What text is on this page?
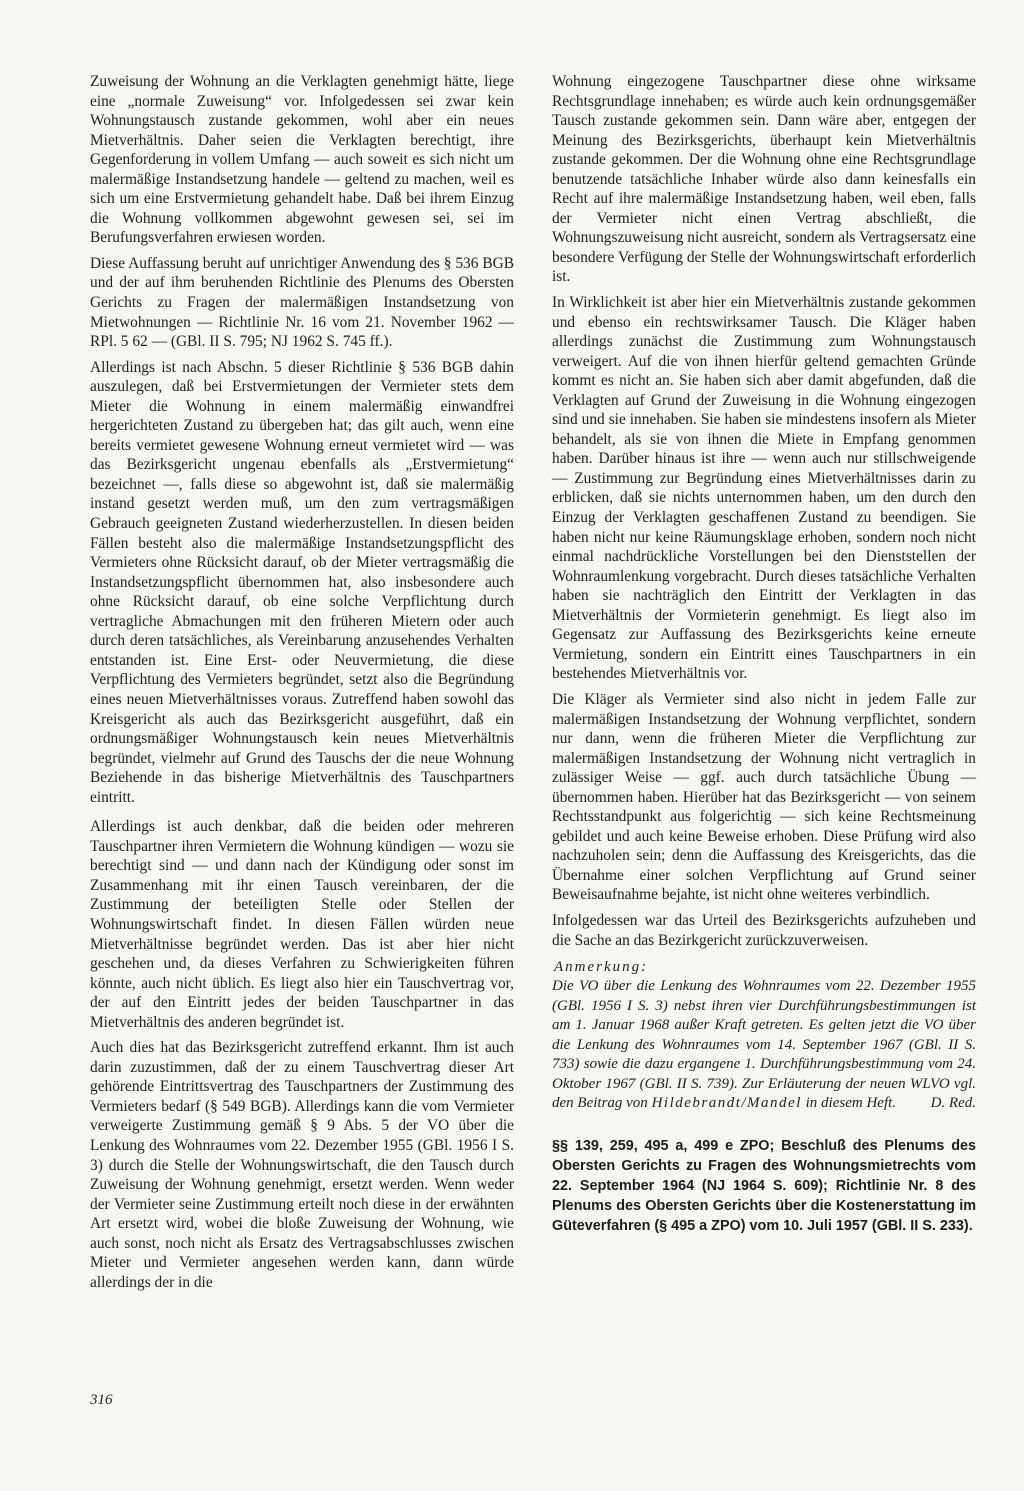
Zuweisung der Wohnung an die Verklagten genehmigt hätte, liege eine „normale Zuweisung“ vor. Infolgedessen sei zwar kein Wohnungstausch zustande gekommen, wohl aber ein neues Mietverhältnis. Daher seien die Verklagten berechtigt, ihre Gegenforderung in vollem Umfang — auch soweit es sich nicht um malermäßige Instandsetzung handele — geltend zu machen, weil es sich um eine Erstvermietung gehandelt habe. Daß bei ihrem Einzug die Wohnung vollkommen abgewohnt gewesen sei, sei im Berufungsverfahren erwiesen worden.

Diese Auffassung beruht auf unrichtiger Anwendung des § 536 BGB und der auf ihm beruhenden Richtlinie des Plenums des Obersten Gerichts zu Fragen der malermäßigen Instandsetzung von Mietwohnungen — Richtlinie Nr. 16 vom 21. November 1962 — RPl. 5 62 — (GBl. II S. 795; NJ 1962 S. 745 ff.).

Allerdings ist nach Abschn. 5 dieser Richtlinie § 536 BGB dahin auszulegen, daß bei Erstvermietungen der Vermieter stets dem Mieter die Wohnung in einem malermäßig einwandfrei hergerichteten Zustand zu übergeben hat; das gilt auch, wenn eine bereits vermietet gewesene Wohnung erneut vermietet wird — was das Bezirksgericht ungenau ebenfalls als „Erstvermietung“ bezeichnet —, falls diese so abgewohnt ist, daß sie malermäßig instand gesetzt werden muß, um den zum vertragsmäßigen Gebrauch geeigneten Zustand wiederherzustellen. In diesen beiden Fällen besteht also die malermäßige Instandsetzungspflicht des Vermieters ohne Rücksicht darauf, ob der Mieter vertragsmäßig die Instandsetzungspflicht übernommen hat, also insbesondere auch ohne Rücksicht darauf, ob eine solche Verpflichtung durch vertragliche Abmachungen mit den früheren Mietern oder auch durch deren tatsächliches, als Vereinbarung anzusehendes Verhalten entstanden ist. Eine Erst- oder Neuvermietung, die diese Verpflichtung des Vermieters begründet, setzt also die Begründung eines neuen Mietverhältnisses voraus. Zutreffend haben sowohl das Kreisgericht als auch das Bezirksgericht ausgeführt, daß ein ordnungsmäßiger Wohnungstausch kein neues Mietverhältnis begründet, vielmehr auf Grund des Tauschs der die neue Wohnung Beziehende in das bisherige Mietverhältnis des Tauschpartners eintritt.

Allerdings ist auch denkbar, daß die beiden oder mehreren Tauschpartner ihren Vermietern die Wohnung kündigen — wozu sie berechtigt sind — und dann nach der Kündigung oder sonst im Zusammenhang mit ihr einen Tausch vereinbaren, der die Zustimmung der beteiligten Stelle oder Stellen der Wohnungswirtschaft findet. In diesen Fällen würden neue Mietverhältnisse begründet werden. Das ist aber hier nicht geschehen und, da dieses Verfahren zu Schwierigkeiten führen könnte, auch nicht üblich. Es liegt also hier ein Tauschvertrag vor, der auf den Eintritt jedes der beiden Tauschpartner in das Mietverhältnis des anderen begründet ist.

Auch dies hat das Bezirksgericht zutreffend erkannt. Ihm ist auch darin zuzustimmen, daß der zu einem Tauschvertrag dieser Art gehörende Eintrittsvertrag des Tauschpartners der Zustimmung des Vermieters bedarf (§ 549 BGB). Allerdings kann die vom Vermieter verweigerte Zustimmung gemäß § 9 Abs. 5 der VO über die Lenkung des Wohnraumes vom 22. Dezember 1955 (GBl. 1956 I S. 3) durch die Stelle der Wohnungswirtschaft, die den Tausch durch Zuweisung der Wohnung genehmigt, ersetzt werden. Wenn weder der Vermieter seine Zustimmung erteilt noch diese in der erwähnten Art ersetzt wird, wobei die bloße Zuweisung der Wohnung, wie auch sonst, noch nicht als Ersatz des Vertragsabschlusses zwischen Mieter und Vermieter angesehen werden kann, dann würde allerdings der in die

Wohnung eingezogene Tauschpartner diese ohne wirksame Rechtsgrundlage innehaben; es würde auch kein ordnungsgemäßer Tausch zustande gekommen sein. Dann wäre aber, entgegen der Meinung des Bezirksgerichts, überhaupt kein Mietverhältnis zustande gekommen. Der die Wohnung ohne eine Rechtsgrundlage benutzende tatsächliche Inhaber würde also dann keinesfalls ein Recht auf ihre malermäßige Instandsetzung haben, weil eben, falls der Vermieter nicht einen Vertrag abschließt, die Wohnungszuweisung nicht ausreicht, sondern als Vertragsersatz eine besondere Verfügung der Stelle der Wohnungswirtschaft erforderlich ist.

In Wirklichkeit ist aber hier ein Mietverhältnis zustande gekommen und ebenso ein rechtswirksamer Tausch. Die Kläger haben allerdings zunächst die Zustimmung zum Wohnungstausch verweigert. Auf die von ihnen hierfür geltend gemachten Gründe kommt es nicht an. Sie haben sich aber damit abgefunden, daß die Verklagten auf Grund der Zuweisung in die Wohnung eingezogen sind und sie innehaben. Sie haben sie mindestens insofern als Mieter behandelt, als sie von ihnen die Miete in Empfang genommen haben. Darüber hinaus ist ihre — wenn auch nur stillschweigende — Zustimmung zur Begründung eines Mietverhältnisses darin zu erblicken, daß sie nichts unternommen haben, um den durch den Einzug der Verklagten geschaffenen Zustand zu beendigen. Sie haben nicht nur keine Räumungsklage erhoben, sondern noch nicht einmal nachdrückliche Vorstellungen bei den Dienststellen der Wohnraumlenkung vorgebracht. Durch dieses tatsächliche Verhalten haben sie nachträglich den Eintritt der Verklagten in das Mietverhältnis der Vormieterin genehmigt. Es liegt also im Gegensatz zur Auffassung des Bezirksgerichts keine erneute Vermietung, sondern ein Eintritt eines Tauschpartners in ein bestehendes Mietverhältnis vor.

Die Kläger als Vermieter sind also nicht in jedem Falle zur malermäßigen Instandsetzung der Wohnung verpflichtet, sondern nur dann, wenn die früheren Mieter die Verpflichtung zur malermäßigen Instandsetzung der Wohnung nicht vertraglich in zulässiger Weise — ggf. auch durch tatsächliche Übung — übernommen haben. Hierüber hat das Bezirksgericht — von seinem Rechtsstandpunkt aus folgerichtig — sich keine Rechtsmeinung gebildet und auch keine Beweise erhoben. Diese Prüfung wird also nachzuholen sein; denn die Auffassung des Kreisgerichts, das die Übernahme einer solchen Verpflichtung auf Grund seiner Beweisaufnahme bejahte, ist nicht ohne weiteres verbindlich.

Infolgedessen war das Urteil des Bezirksgerichts aufzuheben und die Sache an das Bezirkgericht zurückzuverweisen.

Anmerkung:

Die VO über die Lenkung des Wohnraumes vom 22. Dezember 1955 (GBl. 1956 I S. 3) nebst ihren vier Durchführungsbestimmungen ist am 1. Januar 1968 außer Kraft getreten. Es gelten jetzt die VO über die Lenkung des Wohnraumes vom 14. September 1967 (GBl. II S. 733) sowie die dazu ergangene 1. Durchführungsbestimmung vom 24. Oktober 1967 (GBl. II S. 739). Zur Erläuterung der neuen WLVO vgl. den Beitrag von Hildebrandt/Mandel in diesem Heft. D. Red.

§§ 139, 259, 495 a, 499 e ZPO; Beschluß des Plenums des Obersten Gerichts zu Fragen des Wohnungsmietrechts vom 22. September 1964 (NJ 1964 S. 609); Richtlinie Nr. 8 des Plenums des Obersten Gerichts über die Kostenerstattung im Güteverfahren (§ 495 a ZPO) vom 10. Juli 1957 (GBl. II S. 233).
316
